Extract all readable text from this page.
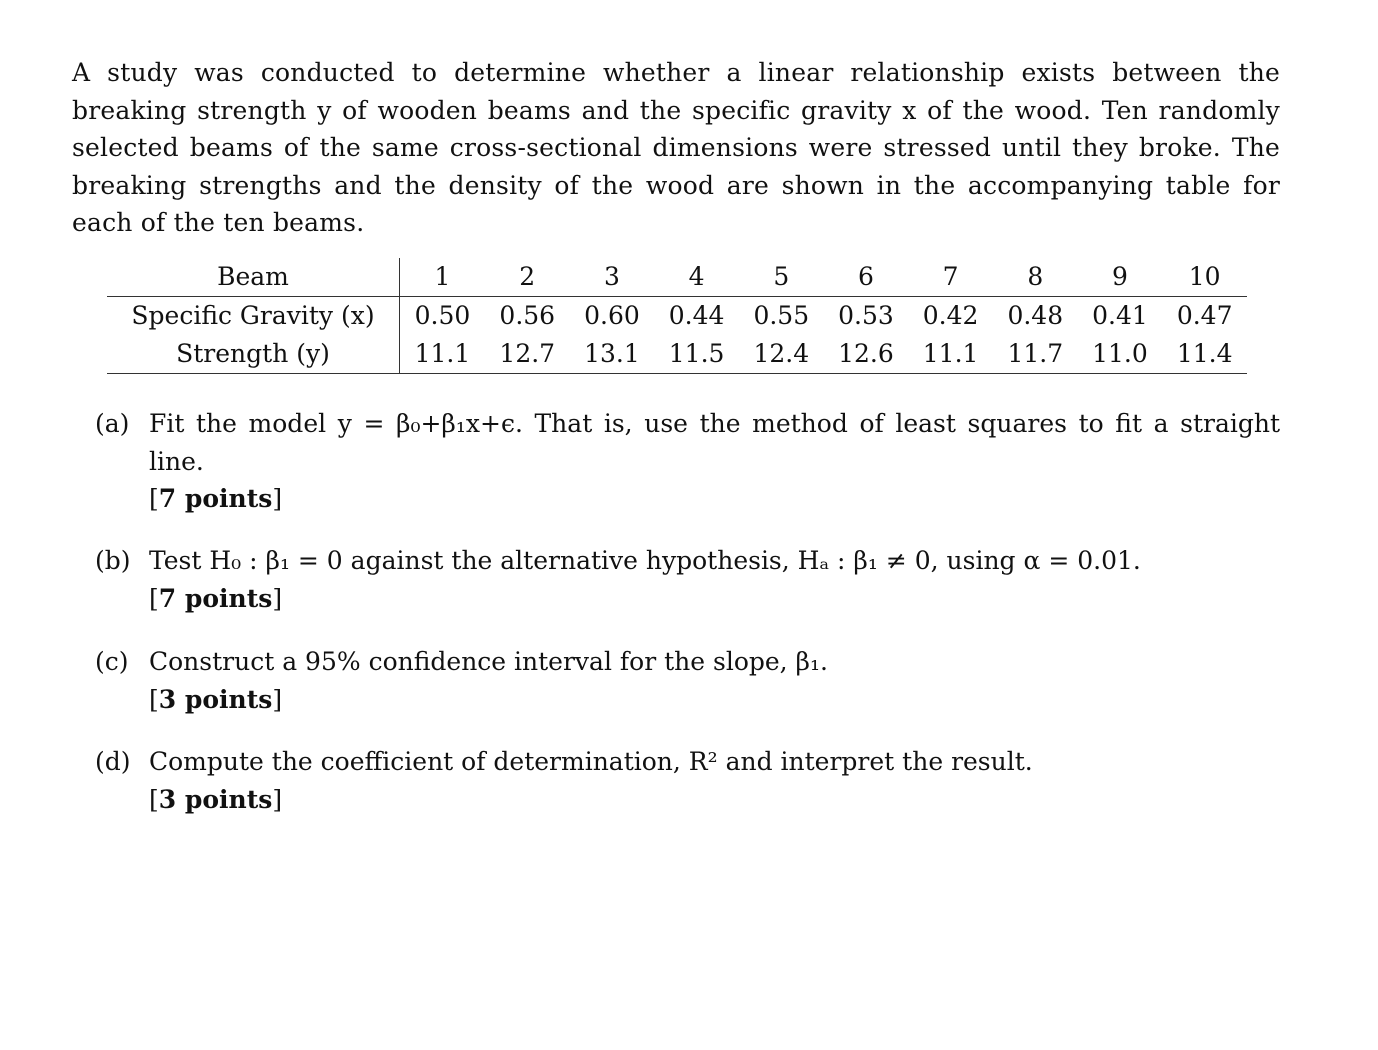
A study was conducted to determine whether a linear relationship exists between the breaking strength y of wooden beams and the specific gravity x of the wood. Ten randomly selected beams of the same cross-sectional dimensions were stressed until they broke. The breaking strengths and the density of the wood are shown in the accompanying table for each of the ten beams.

Beam	1	2	3	4	5	6	7	8	9	10
Specific Gravity (x)	0.50	0.56	0.60	0.44	0.55	0.53	0.42	0.48	0.41	0.47
Strength (y)	11.1	12.7	13.1	11.5	12.4	12.6	11.1	11.7	11.0	11.4
(a) Fit the model y = β₀+β₁x+ϵ. That is, use the method of least squares to fit a straight line.
[7 points]
(b) Test H₀ : β₁ = 0 against the alternative hypothesis, Hₐ : β₁ ≠ 0, using α = 0.01.
[7 points]
(c) Construct a 95% confidence interval for the slope, β₁.
[3 points]
(d) Compute the coefficient of determination, R² and interpret the result.
[3 points]
